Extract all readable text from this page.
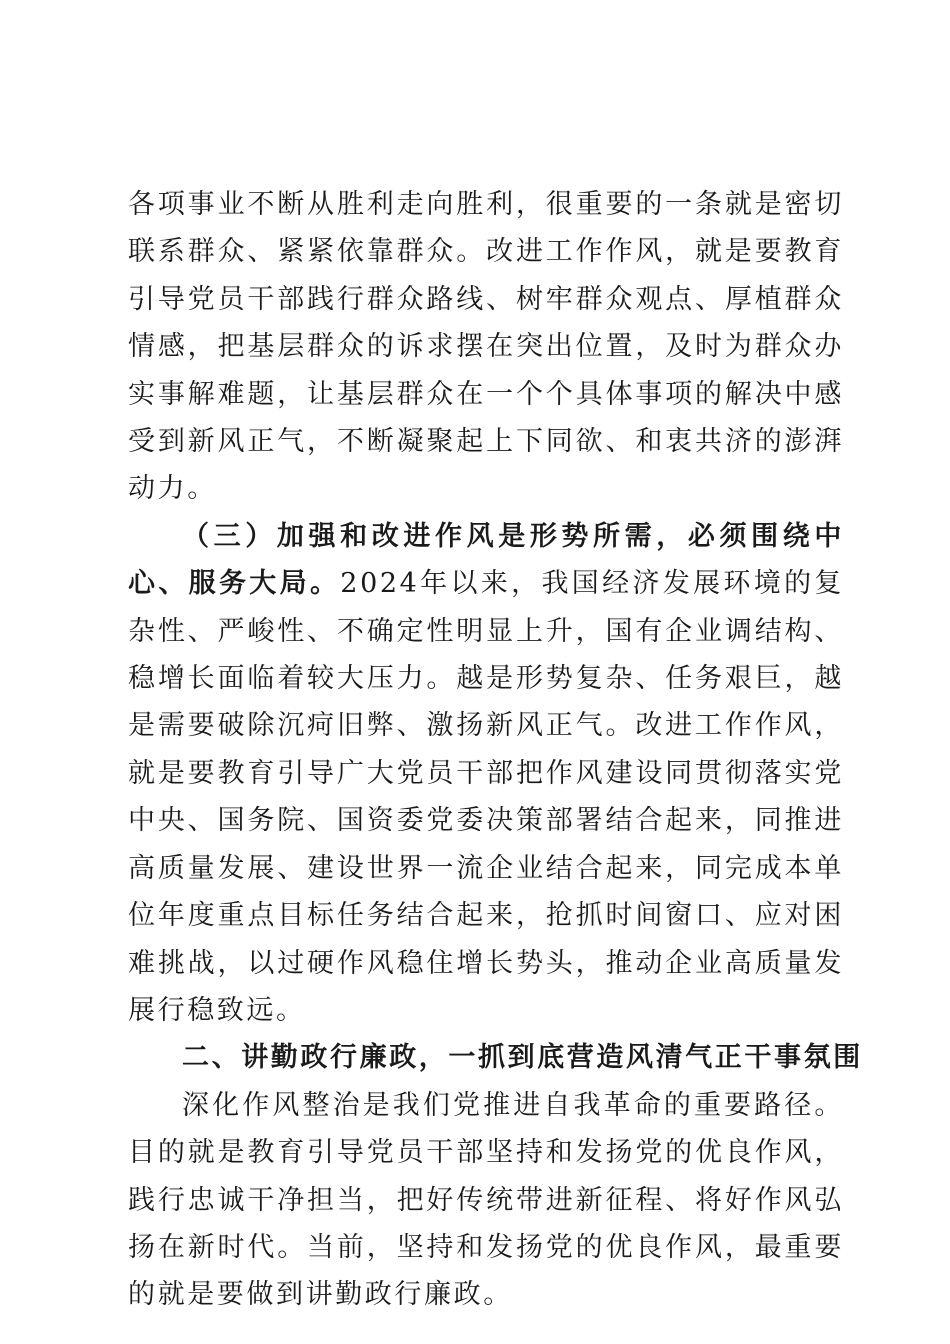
各项事业不断从胜利走向胜利，很重要的一条就是密切联系群众、紧紧依靠群众。改进工作作风，就是要教育引导党员干部践行群众路线、树牢群众观点、厚植群众情感，把基层群众的诉求摆在突出位置，及时为群众办实事解难题，让基层群众在一个个具体事项的解决中感受到新风正气，不断凝聚起上下同欲、和衷共济的澎湃动力。

（三）加强和改进作风是形势所需，必须围绕中心、服务大局。2024年以来，我国经济发展环境的复杂性、严峻性、不确定性明显上升，国有企业调结构、稳增长面临着较大压力。越是形势复杂、任务艰巨，越是需要破除沉疴旧弊、激扬新风正气。改进工作作风，就是要教育引导广大党员干部把作风建设同贯彻落实党中央、国务院、国资委党委决策部署结合起来，同推进高质量发展、建设世界一流企业结合起来，同完成本单位年度重点目标任务结合起来，抢抓时间窗口、应对困难挑战，以过硬作风稳住增长势头，推动企业高质量发展行稳致远。

二、讲勤政行廉政，一抓到底营造风清气正干事氛围

深化作风整治是我们党推进自我革命的重要路径。目的就是教育引导党员干部坚持和发扬党的优良作风，践行忠诚干净担当，把好传统带进新征程、将好作风弘扬在新时代。当前，坚持和发扬党的优良作风，最重要的就是要做到讲勤政行廉政。
